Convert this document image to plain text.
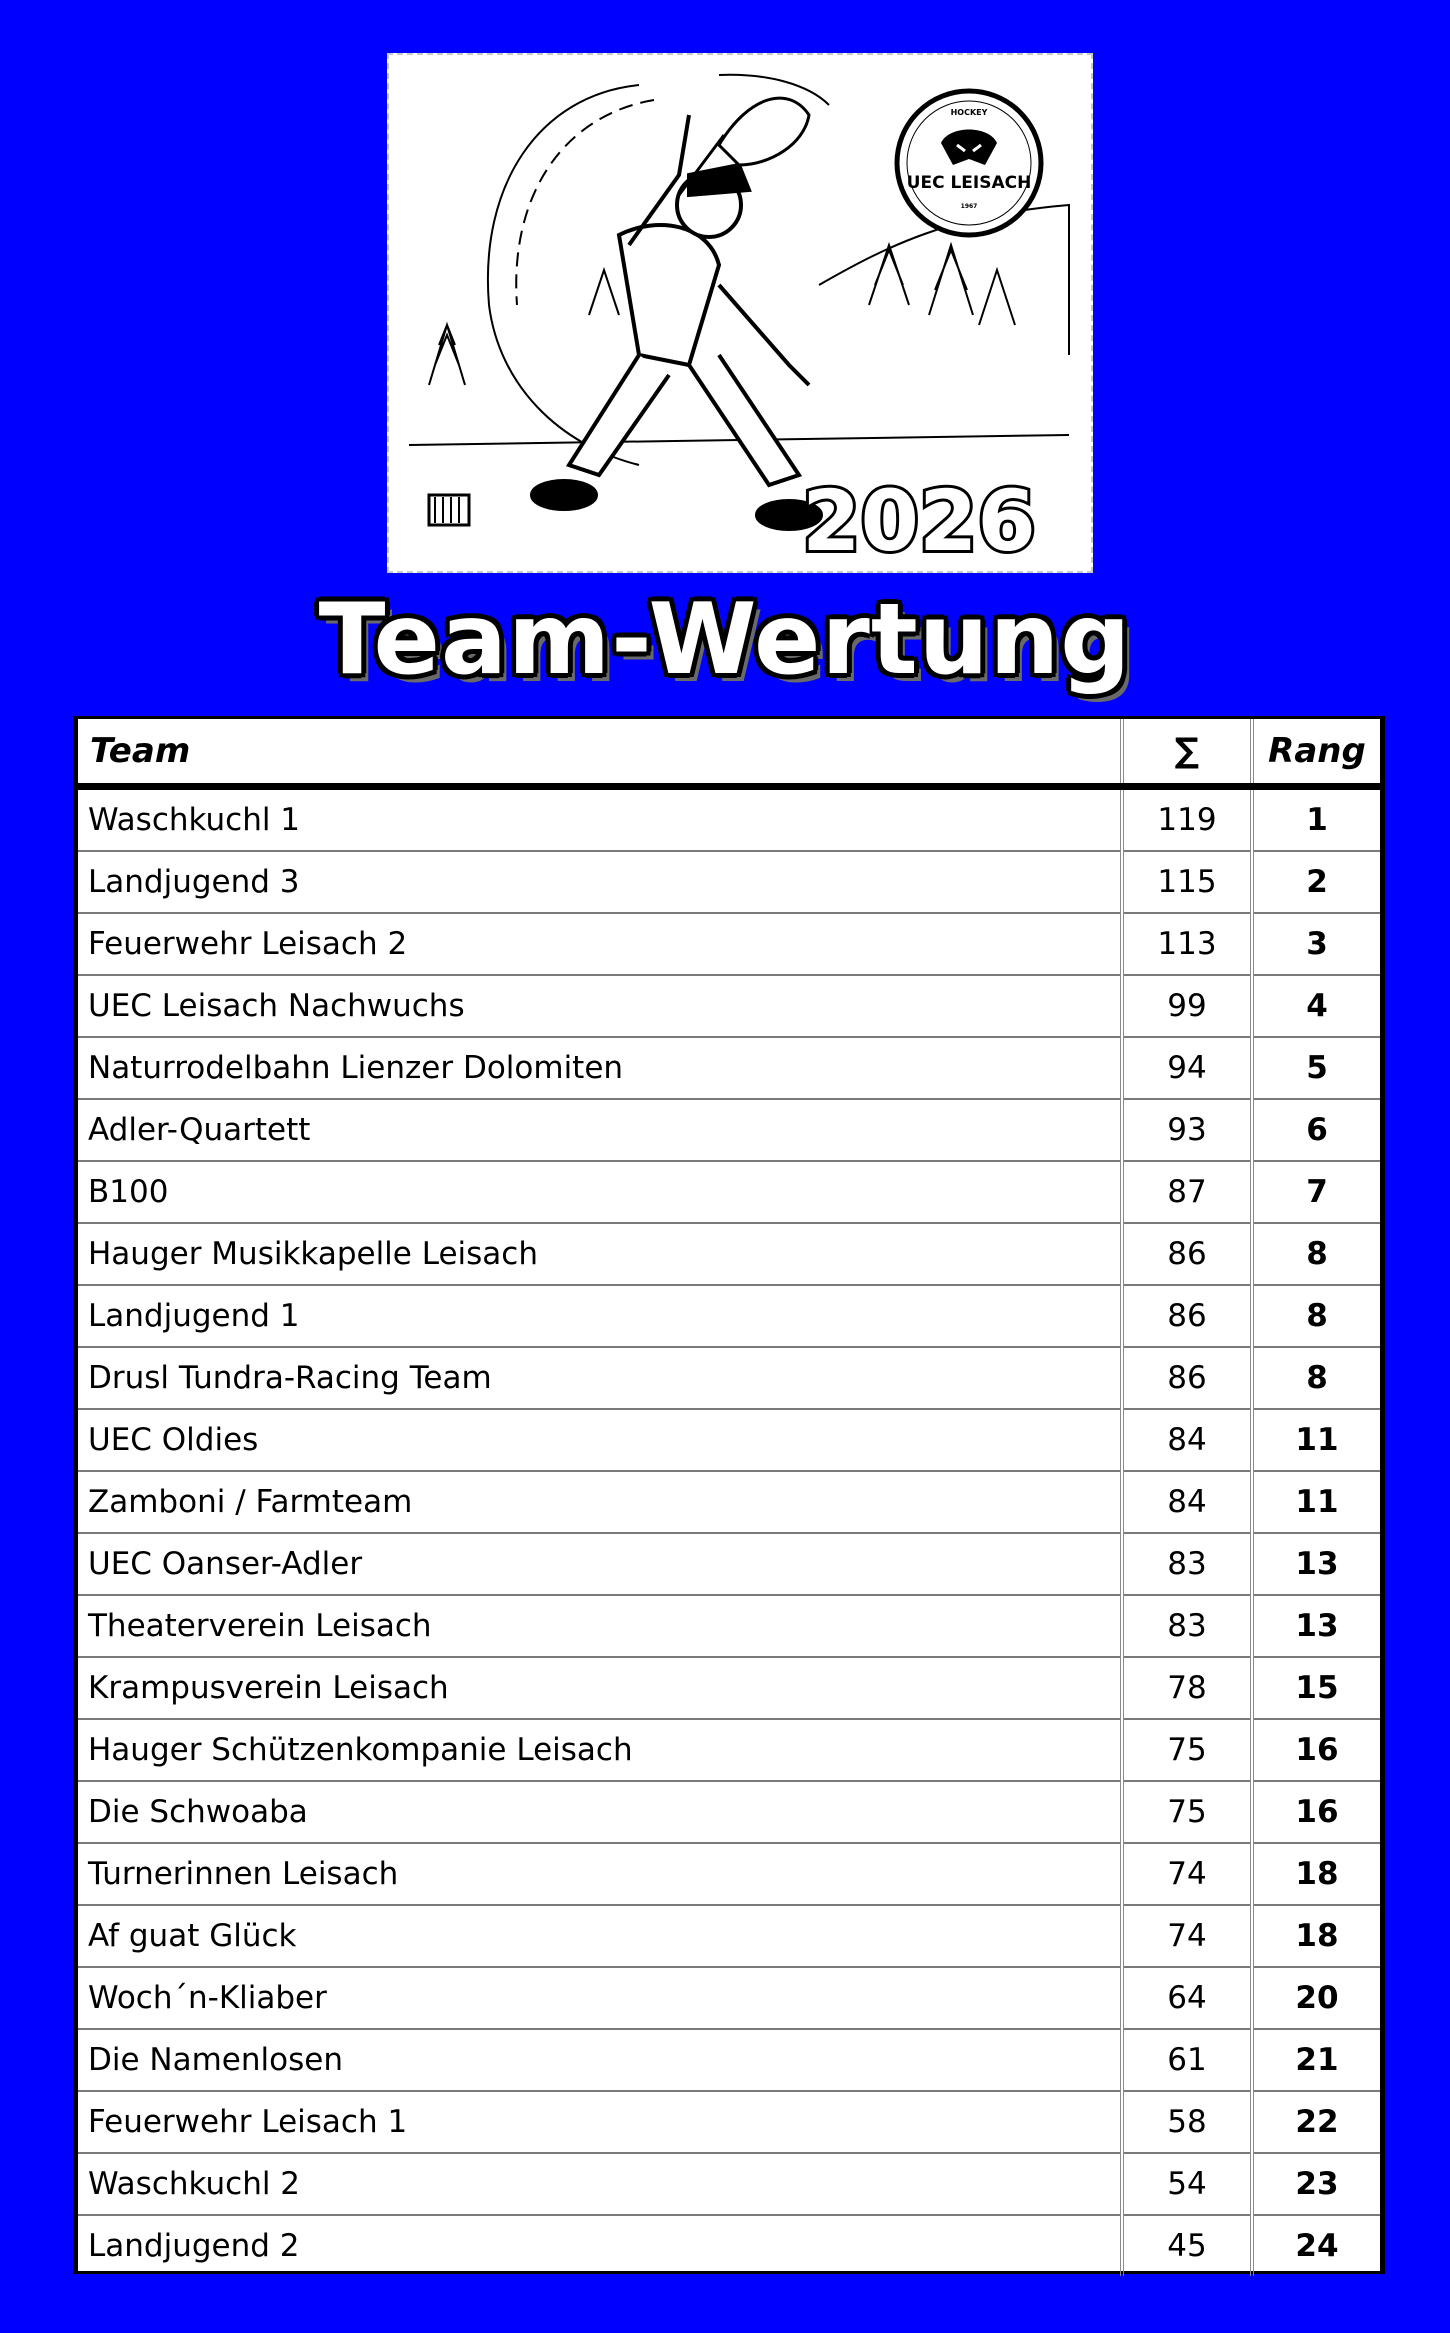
HOCKEY
UEC LEISACH
1967
2026
Team-Wertung
Team	∑	Rang
Waschkuchl 1	119	1
Landjugend 3	115	2
Feuerwehr Leisach 2	113	3
UEC Leisach Nachwuchs	99	4
Naturrodelbahn Lienzer Dolomiten	94	5
Adler-Quartett	93	6
B100	87	7
Hauger Musikkapelle Leisach	86	8
Landjugend 1	86	8
Drusl Tundra-Racing Team	86	8
UEC Oldies	84	11
Zamboni / Farmteam	84	11
UEC Oanser-Adler	83	13
Theaterverein Leisach	83	13
Krampusverein Leisach	78	15
Hauger Schützenkompanie Leisach	75	16
Die Schwoaba	75	16
Turnerinnen Leisach	74	18
Af guat Glück	74	18
Woch´n-Kliaber	64	20
Die Namenlosen	61	21
Feuerwehr Leisach 1	58	22
Waschkuchl 2	54	23
Landjugend 2	45	24
